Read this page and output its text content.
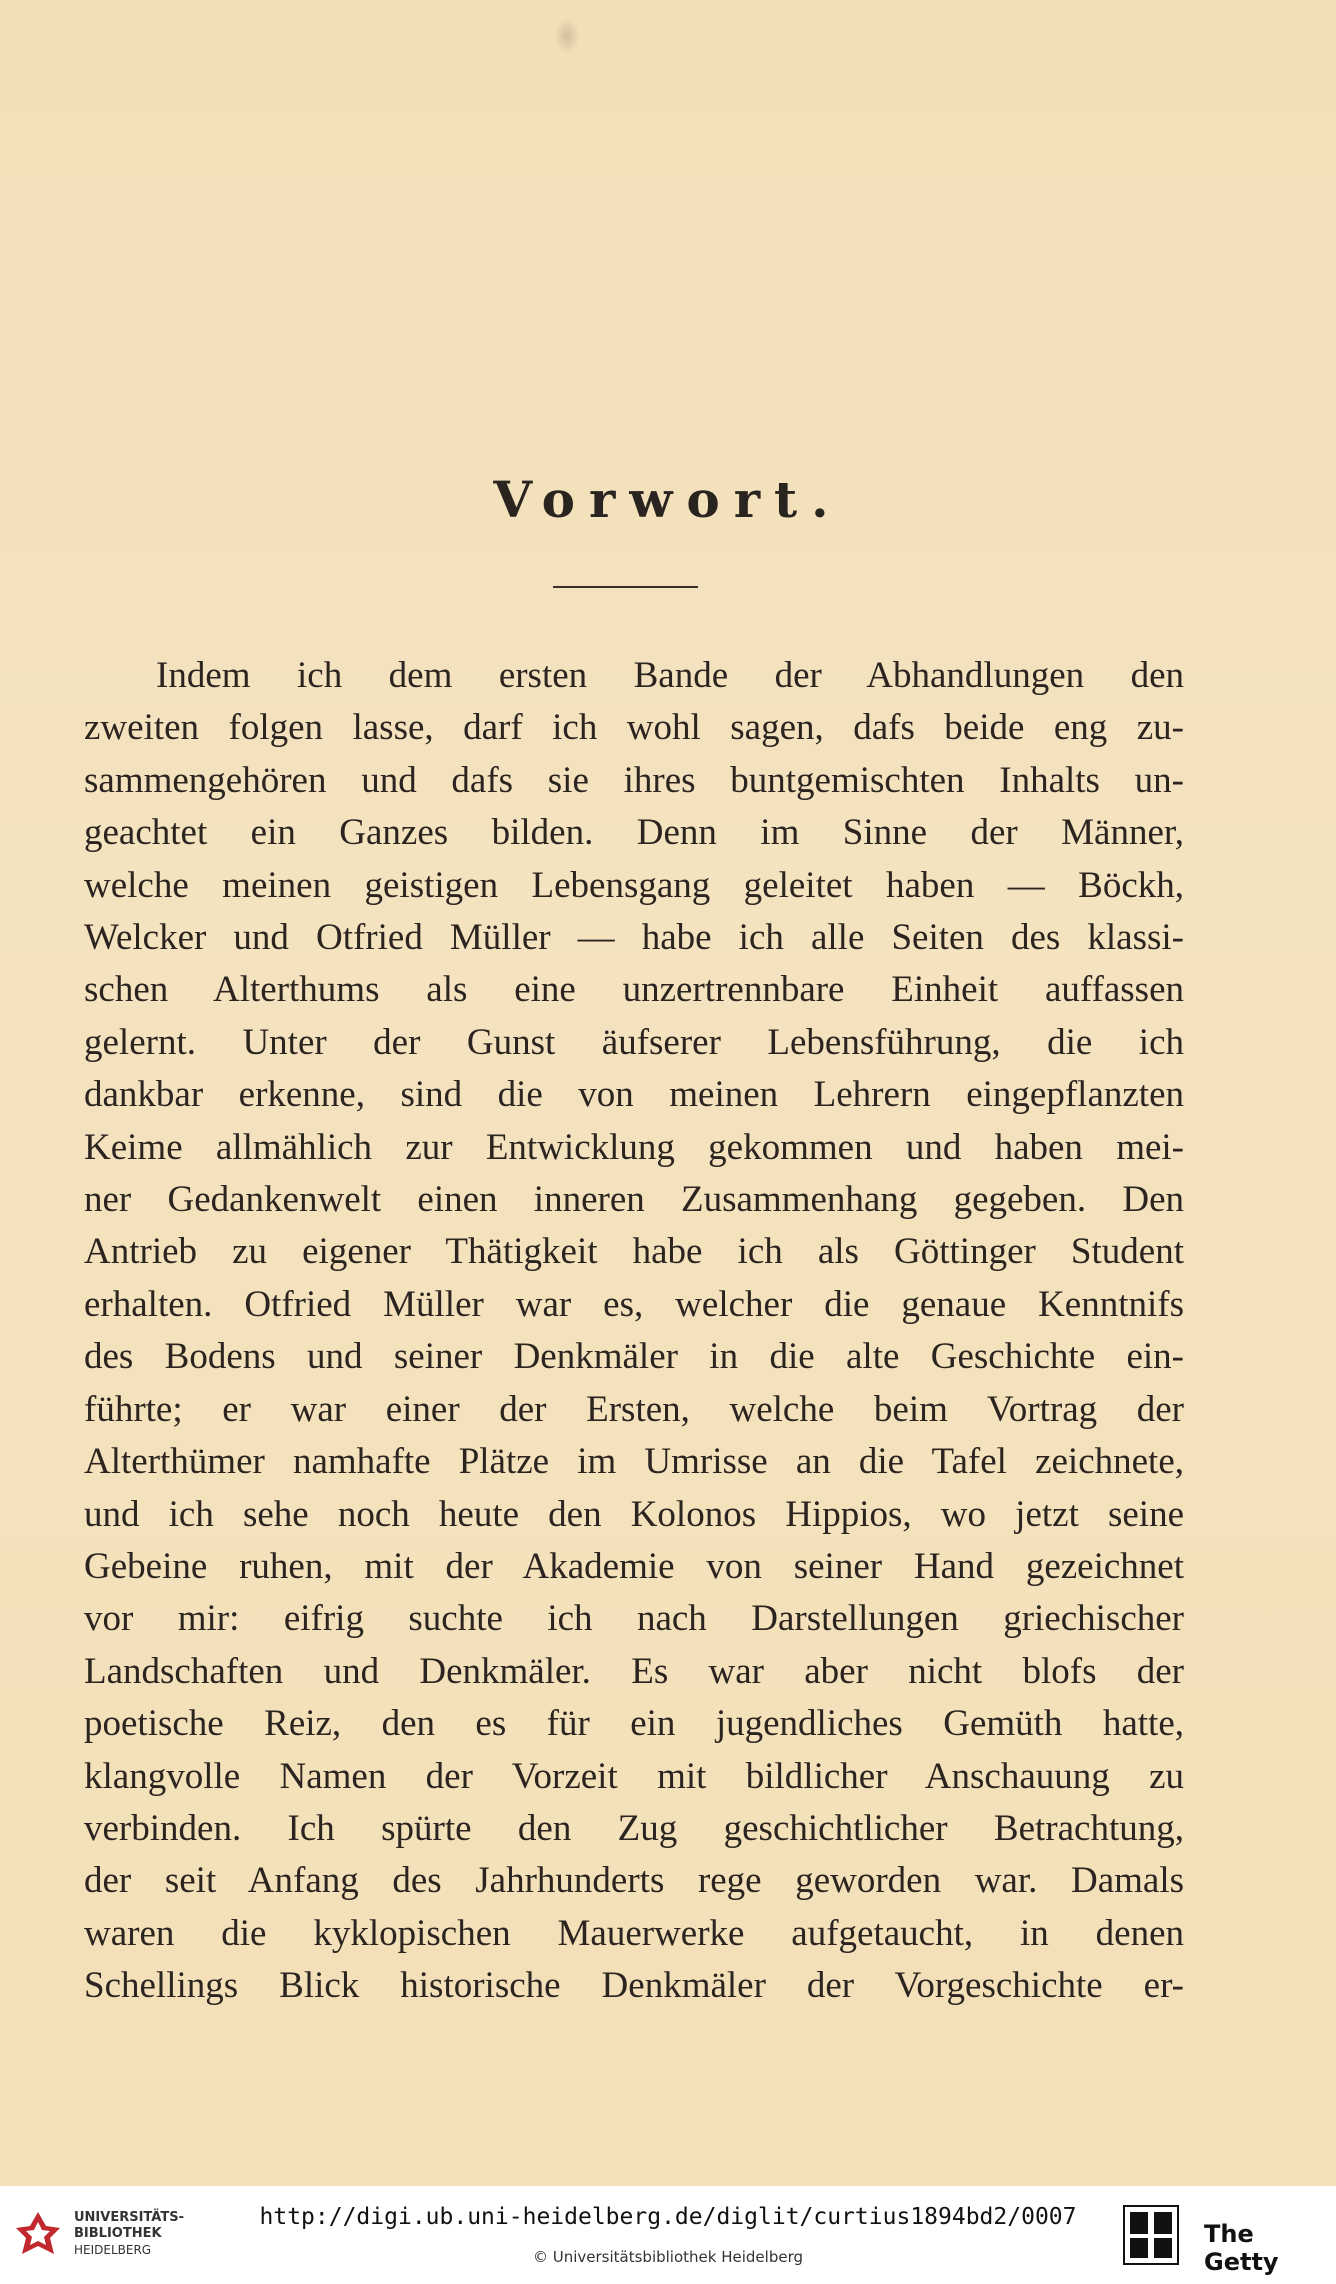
Vorwort.
Indem ich dem ersten Bande der Abhandlungen den
zweiten folgen lasse, darf ich wohl sagen, dafs beide eng zu-
sammengehören und dafs sie ihres buntgemischten Inhalts un-
geachtet ein Ganzes bilden. Denn im Sinne der Männer,
welche meinen geistigen Lebensgang geleitet haben — Böckh,
Welcker und Otfried Müller — habe ich alle Seiten des klassi-
schen Alterthums als eine unzertrennbare Einheit auffassen
gelernt. Unter der Gunst äufserer Lebensführung, die ich
dankbar erkenne, sind die von meinen Lehrern eingepflanzten
Keime allmählich zur Entwicklung gekommen und haben mei-
ner Gedankenwelt einen inneren Zusammenhang gegeben. Den
Antrieb zu eigener Thätigkeit habe ich als Göttinger Student
erhalten. Otfried Müller war es, welcher die genaue Kenntnifs
des Bodens und seiner Denkmäler in die alte Geschichte ein-
führte; er war einer der Ersten, welche beim Vortrag der
Alterthümer namhafte Plätze im Umrisse an die Tafel zeichnete,
und ich sehe noch heute den Kolonos Hippios, wo jetzt seine
Gebeine ruhen, mit der Akademie von seiner Hand gezeichnet
vor mir: eifrig suchte ich nach Darstellungen griechischer
Landschaften und Denkmäler. Es war aber nicht blofs der
poetische Reiz, den es für ein jugendliches Gemüth hatte,
klangvolle Namen der Vorzeit mit bildlicher Anschauung zu
verbinden. Ich spürte den Zug geschichtlicher Betrachtung,
der seit Anfang des Jahrhunderts rege geworden war. Damals
waren die kyklopischen Mauerwerke aufgetaucht, in denen
Schellings Blick historische Denkmäler der Vorgeschichte er-
UNIVERSITÄTS-
BIBLIOTHEK
HEIDELBERG
http://digi.ub.uni-heidelberg.de/diglit/curtius1894bd2/0007
© Universitätsbibliothek Heidelberg
The Getty
